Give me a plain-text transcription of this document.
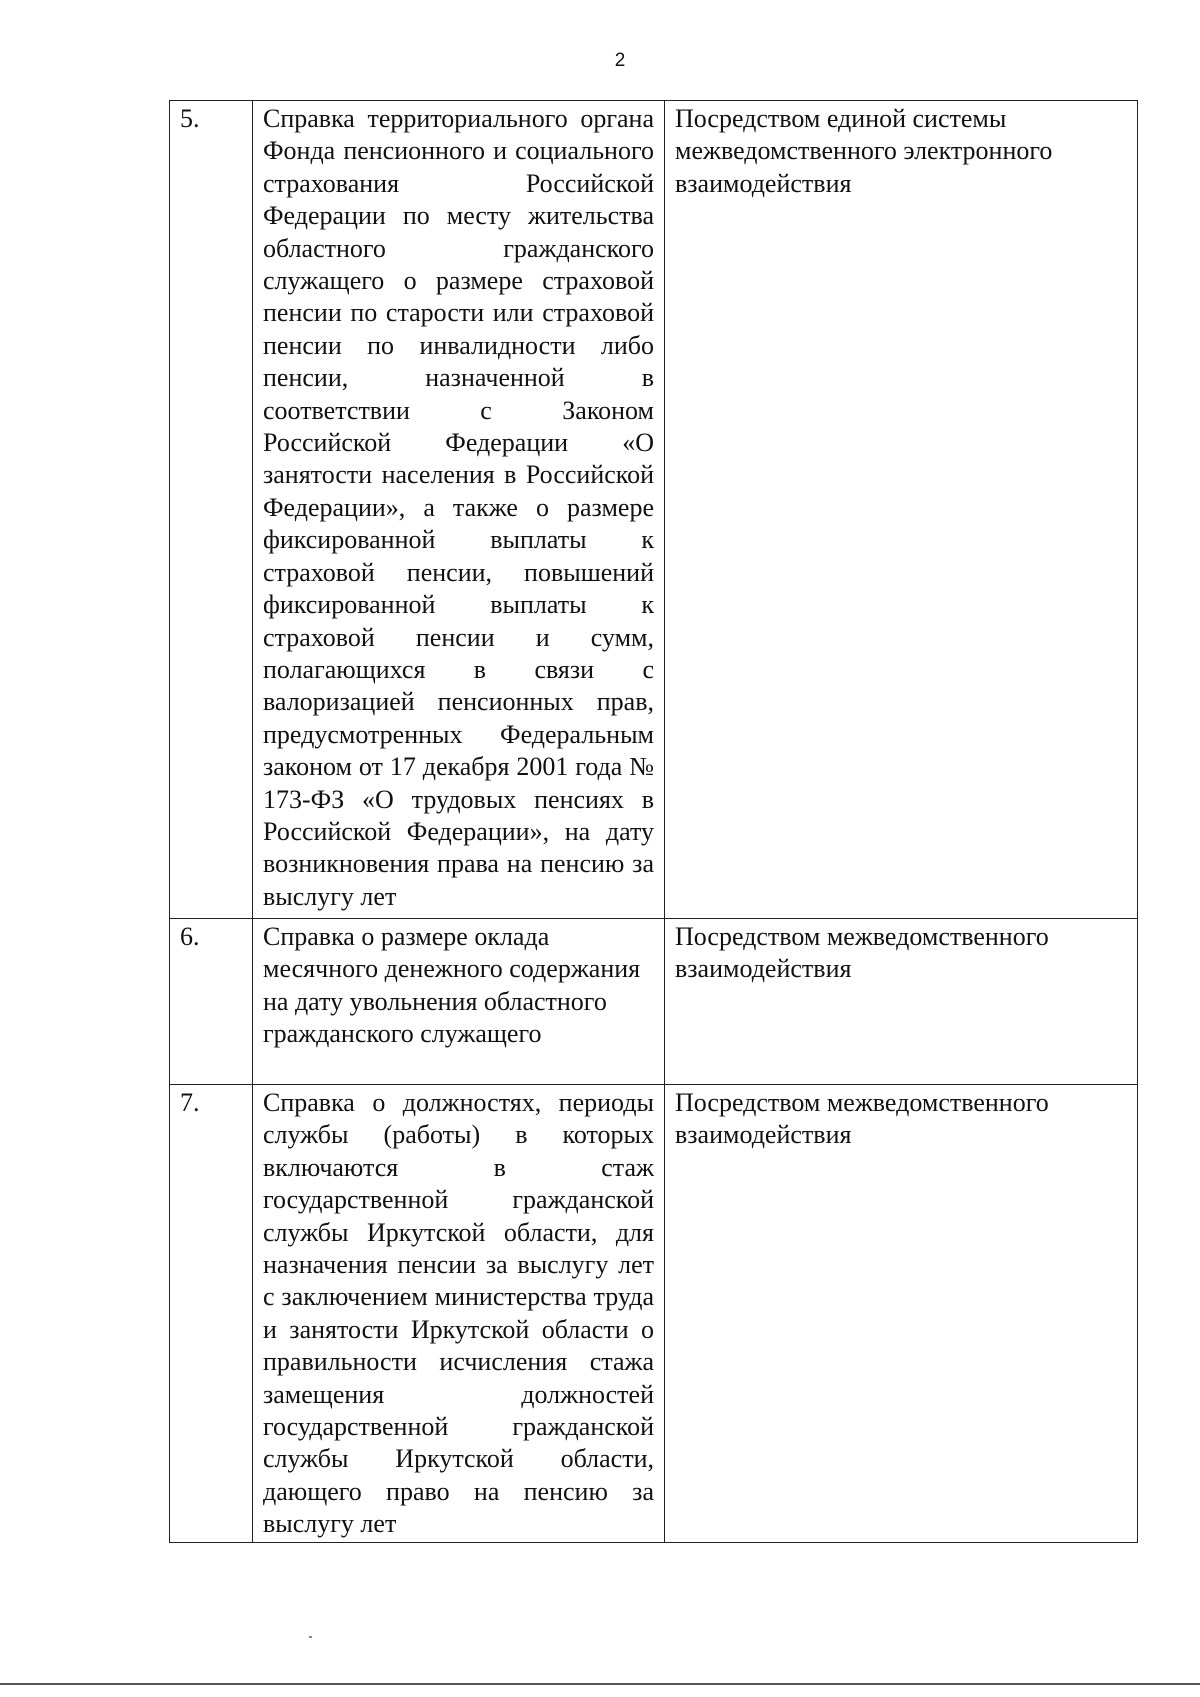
2
5.	Справка территориального органа Фонда пенсионного и социального страхования Российской Федерации по месту жительства областного гражданского служащего о размере страховой пенсии по старости или страховой пенсии по инвалидности либо пенсии, назначенной в соответствии с Законом Российской Федерации «О занятости населения в Российской Федерации», а также о размере фиксированной выплаты к страховой пенсии, повышений фиксированной выплаты к страховой пенсии и сумм, полагающихся в связи с валоризацией пенсионных прав, предусмотренных Федеральным законом от 17 декабря 2001 года № 173-ФЗ «О трудовых пенсиях в Российской Федерации», на дату возникновения права на пенсию за выслугу лет	Посредством единой системы межведомственного электронного взаимодействия
6.	Справка о размере оклада месячного денежного содержания на дату увольнения областного гражданского служащего	Посредством межведомственного взаимодействия
7.	Справка о должностях, периоды службы (работы) в которых включаются в стаж государственной гражданской службы Иркутской области, для назначения пенсии за выслугу лет с заключением министерства труда и занятости Иркутской области о правильности исчисления стажа замещения должностей государственной гражданской службы Иркутской области, дающего право на пенсию за выслугу лет	Посредством межведомственного взаимодействия
